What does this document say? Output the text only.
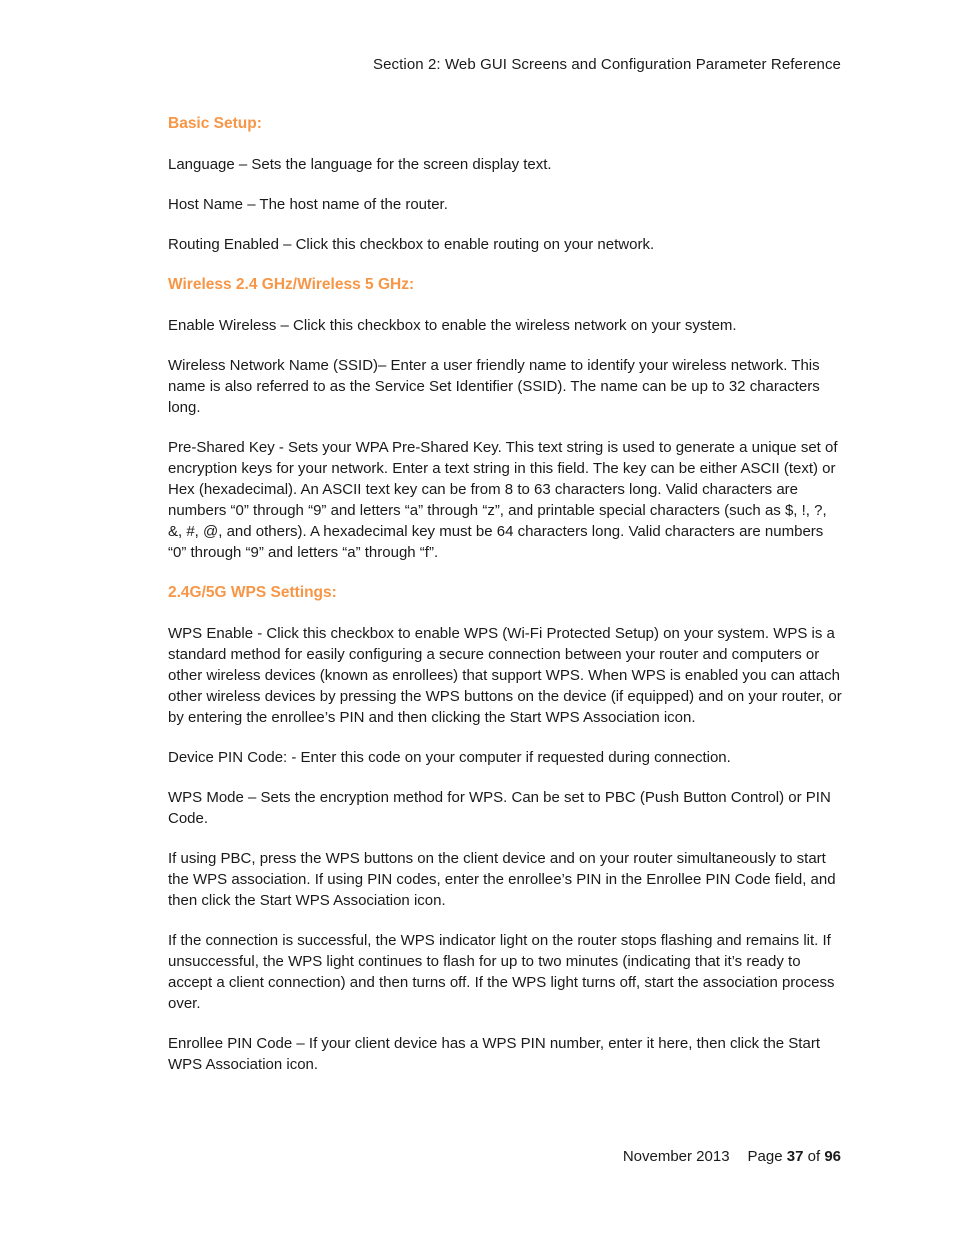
Section 2: Web GUI Screens and Configuration Parameter Reference
Basic Setup:

Language – Sets the language for the screen display text.

Host Name – The host name of the router.

Routing Enabled – Click this checkbox to enable routing on your network.

Wireless 2.4 GHz/Wireless 5 GHz:

Enable Wireless – Click this checkbox to enable the wireless network on your system.

Wireless Network Name (SSID)– Enter a user friendly name to identify your wireless network. This name is also referred to as the Service Set Identifier (SSID). The name can be up to 32 characters long.

Pre-Shared Key - Sets your WPA Pre-Shared Key. This text string is used to generate a unique set of encryption keys for your network. Enter a text string in this field. The key can be either ASCII (text) or Hex (hexadecimal). An ASCII text key can be from 8 to 63 characters long. Valid characters are numbers “0” through “9” and letters “a” through “z”, and printable special characters (such as $, !, ?, &, #, @, and others). A hexadecimal key must be 64 characters long. Valid characters are numbers “0” through “9” and letters “a” through “f”.

2.4G/5G WPS Settings:

WPS Enable - Click this checkbox to enable WPS (Wi-Fi Protected Setup) on your system. WPS is a standard method for easily configuring a secure connection between your router and computers or other wireless devices (known as enrollees) that support WPS. When WPS is enabled you can attach other wireless devices by pressing the WPS buttons on the device (if equipped) and on your router, or by entering the enrollee’s PIN and then clicking the Start WPS Association icon.

Device PIN Code: - Enter this code on your computer if requested during connection.

WPS Mode – Sets the encryption method for WPS. Can be set to PBC (Push Button Control) or PIN Code.

If using PBC, press the WPS buttons on the client device and on your router simultaneously to start the WPS association. If using PIN codes, enter the enrollee’s PIN in the Enrollee PIN Code field, and then click the Start WPS Association icon.

If the connection is successful, the WPS indicator light on the router stops flashing and remains lit. If unsuccessful, the WPS light continues to flash for up to two minutes (indicating that it’s ready to accept a client connection) and then turns off. If the WPS light turns off, start the association process over.

Enrollee PIN Code – If your client device has a WPS PIN number, enter it here, then click the Start WPS Association icon.

November 2013 Page 37 of 96
